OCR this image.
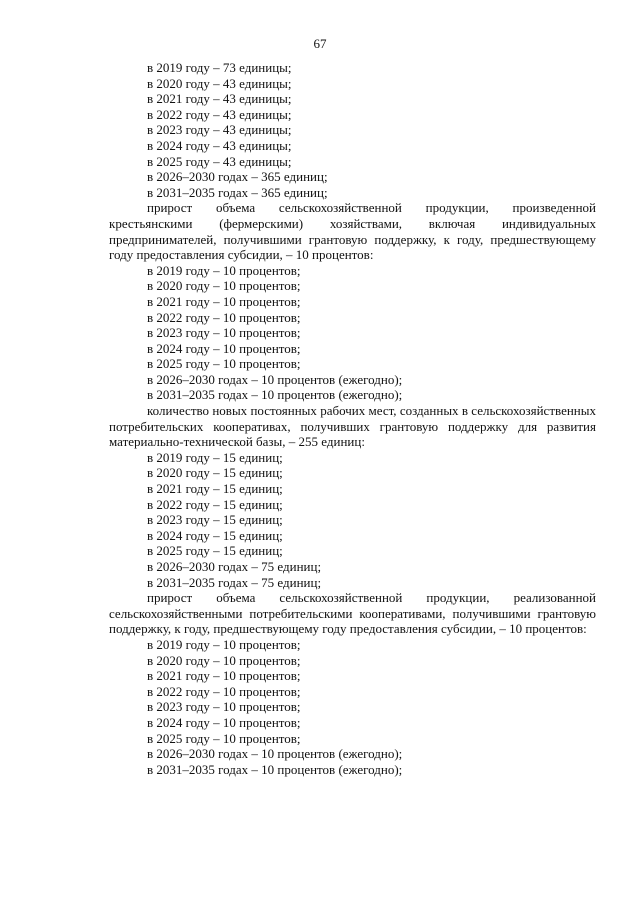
67

в 2019 году – 73 единицы;

в 2020 году – 43 единицы;

в 2021 году – 43 единицы;

в 2022 году – 43 единицы;

в 2023 году – 43 единицы;

в 2024 году – 43 единицы;

в 2025 году – 43 единицы;

в 2026–2030 годах – 365 единиц;

в 2031–2035 годах – 365 единиц;

прирост объема сельскохозяйственной продукции, произведенной крестьянскими (фермерскими) хозяйствами, включая индивидуальных предпринимателей, получившими грантовую поддержку, к году, предшествующему году предоставления субсидии, – 10 процентов:

в 2019 году – 10 процентов;

в 2020 году – 10 процентов;

в 2021 году – 10 процентов;

в 2022 году – 10 процентов;

в 2023 году – 10 процентов;

в 2024 году – 10 процентов;

в 2025 году – 10 процентов;

в 2026–2030 годах – 10 процентов (ежегодно);

в 2031–2035 годах – 10 процентов (ежегодно);

количество новых постоянных рабочих мест, созданных в сельскохозяйственных потребительских кооперативах, получивших грантовую поддержку для развития материально-технической базы, – 255 единиц:

в 2019 году – 15 единиц;

в 2020 году – 15 единиц;

в 2021 году – 15 единиц;

в 2022 году – 15 единиц;

в 2023 году – 15 единиц;

в 2024 году – 15 единиц;

в 2025 году – 15 единиц;

в 2026–2030 годах – 75 единиц;

в 2031–2035 годах – 75 единиц;

прирост объема сельскохозяйственной продукции, реализованной сельскохозяйственными потребительскими кооперативами, получившими грантовую поддержку, к году, предшествующему году предоставления субсидии, – 10 процентов:

в 2019 году – 10 процентов;

в 2020 году – 10 процентов;

в 2021 году – 10 процентов;

в 2022 году – 10 процентов;

в 2023 году – 10 процентов;

в 2024 году – 10 процентов;

в 2025 году – 10 процентов;

в 2026–2030 годах – 10 процентов (ежегодно);

в 2031–2035 годах – 10 процентов (ежегодно);
